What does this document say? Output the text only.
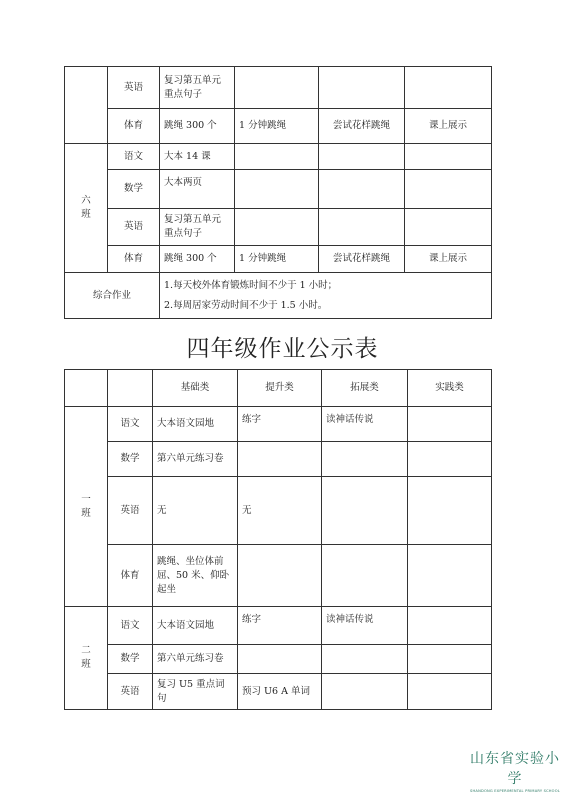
	英语	复习第五单元重点句子			
	体育	跳绳 300 个	1 分钟跳绳	尝试花样跳绳	课上展示

六
班	语文	大本 14 课			
	数学	大本两页			
	英语	复习第五单元重点句子			
	体育	跳绳 300 个	1 分钟跳绳	尝试花样跳绳	课上展示
综合作业		1.每天校外体育锻炼时间不少于 1 小时；
2.每周居家劳动时间不少于 1.5 小时。			
四年级作业公示表
		基础类	提升类	拓展类	实践类

一
班	语文	大本语文园地	练字	读神话传说	
	数学	第六单元练习卷			
	英语	无	无		
	体育	跳绳、坐位体前屈、50 米、仰卧起坐			

二
班	语文	大本语文园地	练字	读神话传说	
	数学	第六单元练习卷			
	英语	复习 U5 重点词句	预习 U6 A 单词		
山东省实验小学
SHANDONG EXPERIMENTAL PRIMARY SCHOOL
